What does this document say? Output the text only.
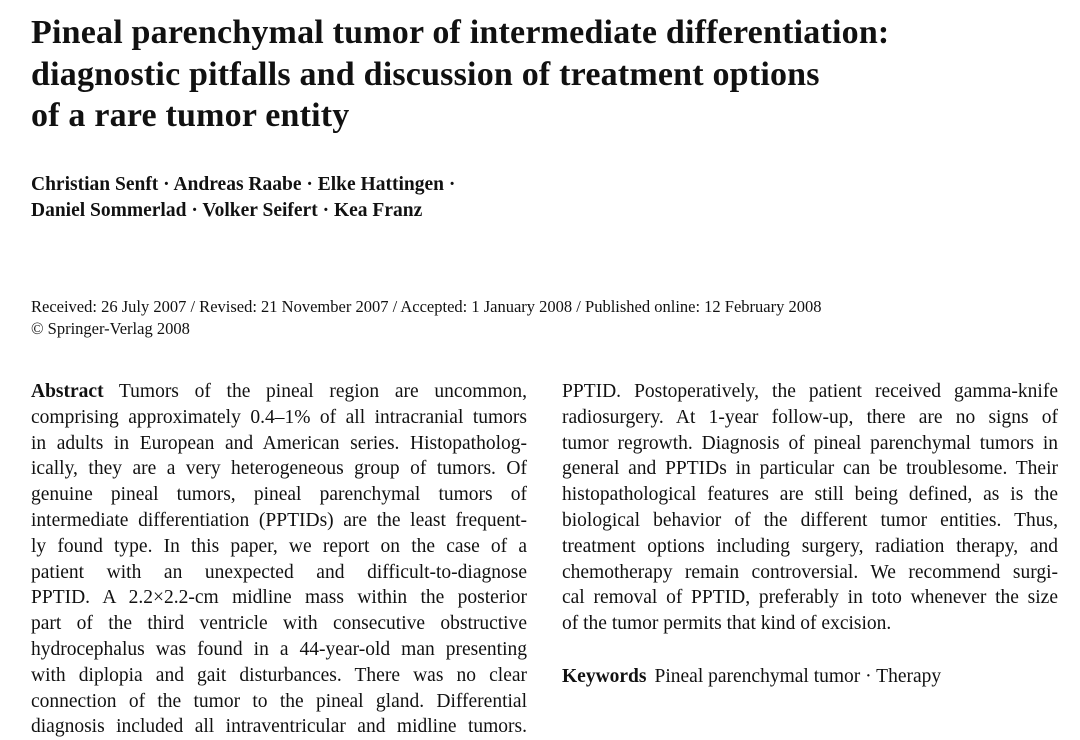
Pineal parenchymal tumor of intermediate differentiation:
diagnostic pitfalls and discussion of treatment options
of a rare tumor entity
Christian Senft · Andreas Raabe · Elke Hattingen ·
Daniel Sommerlad · Volker Seifert · Kea Franz
Received: 26 July 2007 / Revised: 21 November 2007 / Accepted: 1 January 2008 / Published online: 12 February 2008
© Springer-Verlag 2008
Abstract Tumors of the pineal region are uncommon,
comprising approximately 0.4–1% of all intracranial tumors
in adults in European and American series. Histopatholog-
ically, they are a very heterogeneous group of tumors. Of
genuine pineal tumors, pineal parenchymal tumors of
intermediate differentiation (PPTIDs) are the least frequent-
ly found type. In this paper, we report on the case of a
patient with an unexpected and difficult-to-diagnose
PPTID. A 2.2×2.2-cm midline mass within the posterior
part of the third ventricle with consecutive obstructive
hydrocephalus was found in a 44-year-old man presenting
with diplopia and gait disturbances. There was no clear
connection of the tumor to the pineal gland. Differential
diagnosis included all intraventricular and midline tumors.
PPTID. Postoperatively, the patient received gamma-knife
radiosurgery. At 1-year follow-up, there are no signs of
tumor regrowth. Diagnosis of pineal parenchymal tumors in
general and PPTIDs in particular can be troublesome. Their
histopathological features are still being defined, as is the
biological behavior of the different tumor entities. Thus,
treatment options including surgery, radiation therapy, and
chemotherapy remain controversial. We recommend surgi-
cal removal of PPTID, preferably in toto whenever the size
of the tumor permits that kind of excision.
Keywords Pineal parenchymal tumor · Therapy
